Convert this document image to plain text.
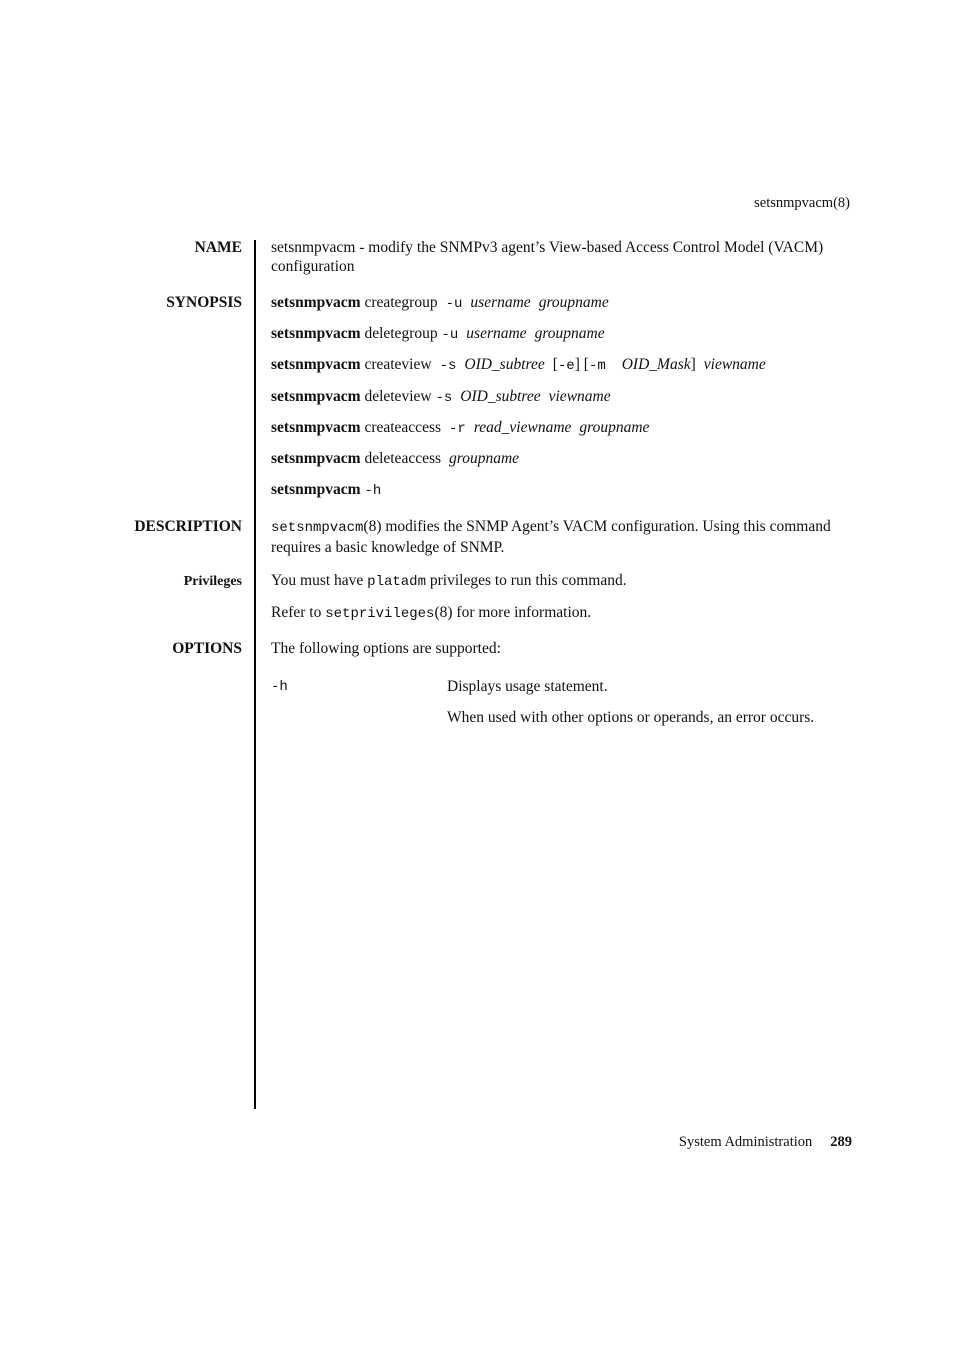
setsnmpvacm(8)
NAME setsnmpvacm - modify the SNMPv3 agent’s View-based Access Control Model (VACM) configuration
SYNOPSIS setsnmpvacm creategroup -u username groupname
setsnmpvacm deletegroup -u username groupname
setsnmpvacm createview -s OID_subtree [-e] [-m OID_Mask] viewname
setsnmpvacm deleteview -s OID_subtree viewname
setsnmpvacm createaccess -r read_viewname groupname
setsnmpvacm deleteaccess groupname
setsnmpvacm -h
DESCRIPTION setsnmpvacm(8) modifies the SNMP Agent’s VACM configuration. Using this command requires a basic knowledge of SNMP.
Privileges You must have platadm privileges to run this command.
Refer to setprivileges(8) for more information.
OPTIONS The following options are supported:
-h	Displays usage statement.
When used with other options or operands, an error occurs.
System Administration 289
